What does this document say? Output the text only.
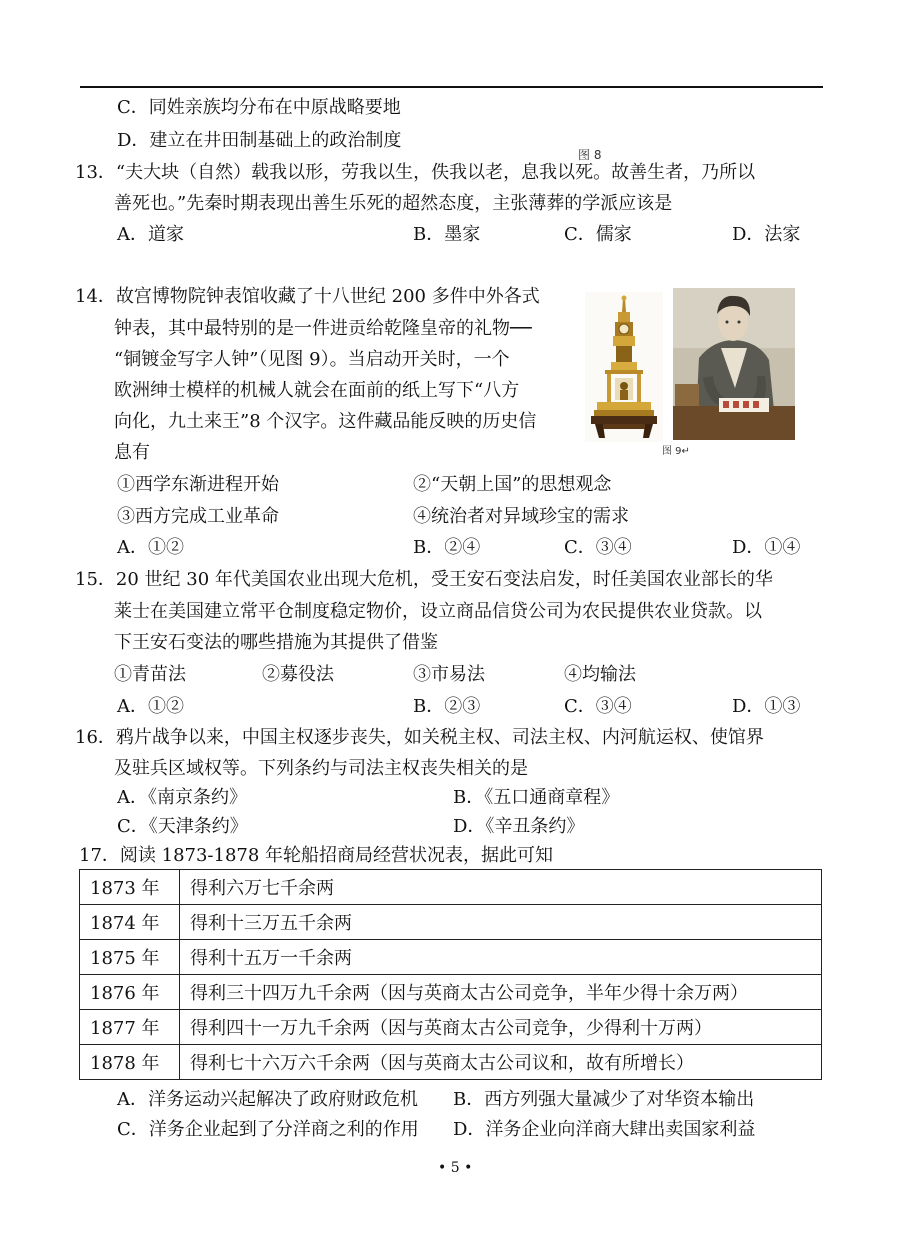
C．同姓亲族均分布在中原战略要地
D．建立在井田制基础上的政治制度
图 8
13．“夫大块（自然）载我以形，劳我以生，佚我以老，息我以死。故善生者，乃所以
善死也。”先秦时期表现出善生乐死的超然态度，主张薄葬的学派应该是
A．道家	B．墨家	C．儒家	D．法家
14．故宫博物院钟表馆收藏了十八世纪 200 多件中外各式
钟表，其中最特别的是一件进贡给乾隆皇帝的礼物──
“铜镀金写字人钟”（见图 9）。当启动开关时，一个
欧洲绅士模样的机械人就会在面前的纸上写下“八方
向化，九土来王”8 个汉字。这件藏品能反映的历史信
息有	图 9↵
①西学东渐进程开始	②“天朝上国”的思想观念
③西方完成工业革命	④统治者对异域珍宝的需求
A．①②	B．②④	C．③④	D．①④
15．20 世纪 30 年代美国农业出现大危机，受王安石变法启发，时任美国农业部长的华
莱士在美国建立常平仓制度稳定物价，设立商品信贷公司为农民提供农业贷款。以
下王安石变法的哪些措施为其提供了借鉴
①青苗法	②募役法	③市易法	④均输法
A．①②	B．②③	C．③④	D．①③
16．鸦片战争以来，中国主权逐步丧失，如关税主权、司法主权、内河航运权、使馆界
及驻兵区域权等。下列条约与司法主权丧失相关的是
A．《南京条约》	B．《五口通商章程》
C．《天津条约》	D．《辛丑条约》
17．阅读 1873-1878 年轮船招商局经营状况表，据此可知
1873 年	得利六万七千余两
1874 年	得利十三万五千余两
1875 年	得利十五万一千余两
1876 年	得利三十四万九千余两（因与英商太古公司竞争，半年少得十余万两）
1877 年	得利四十一万九千余两（因与英商太古公司竞争，少得利十万两）
1878 年	得利七十六万六千余两（因与英商太古公司议和，故有所增长）
A．洋务运动兴起解决了政府财政危机 B．西方列强大量减少了对华资本输出
C．洋务企业起到了分洋商之利的作用 D．洋务企业向洋商大肆出卖国家利益
• 5 •
